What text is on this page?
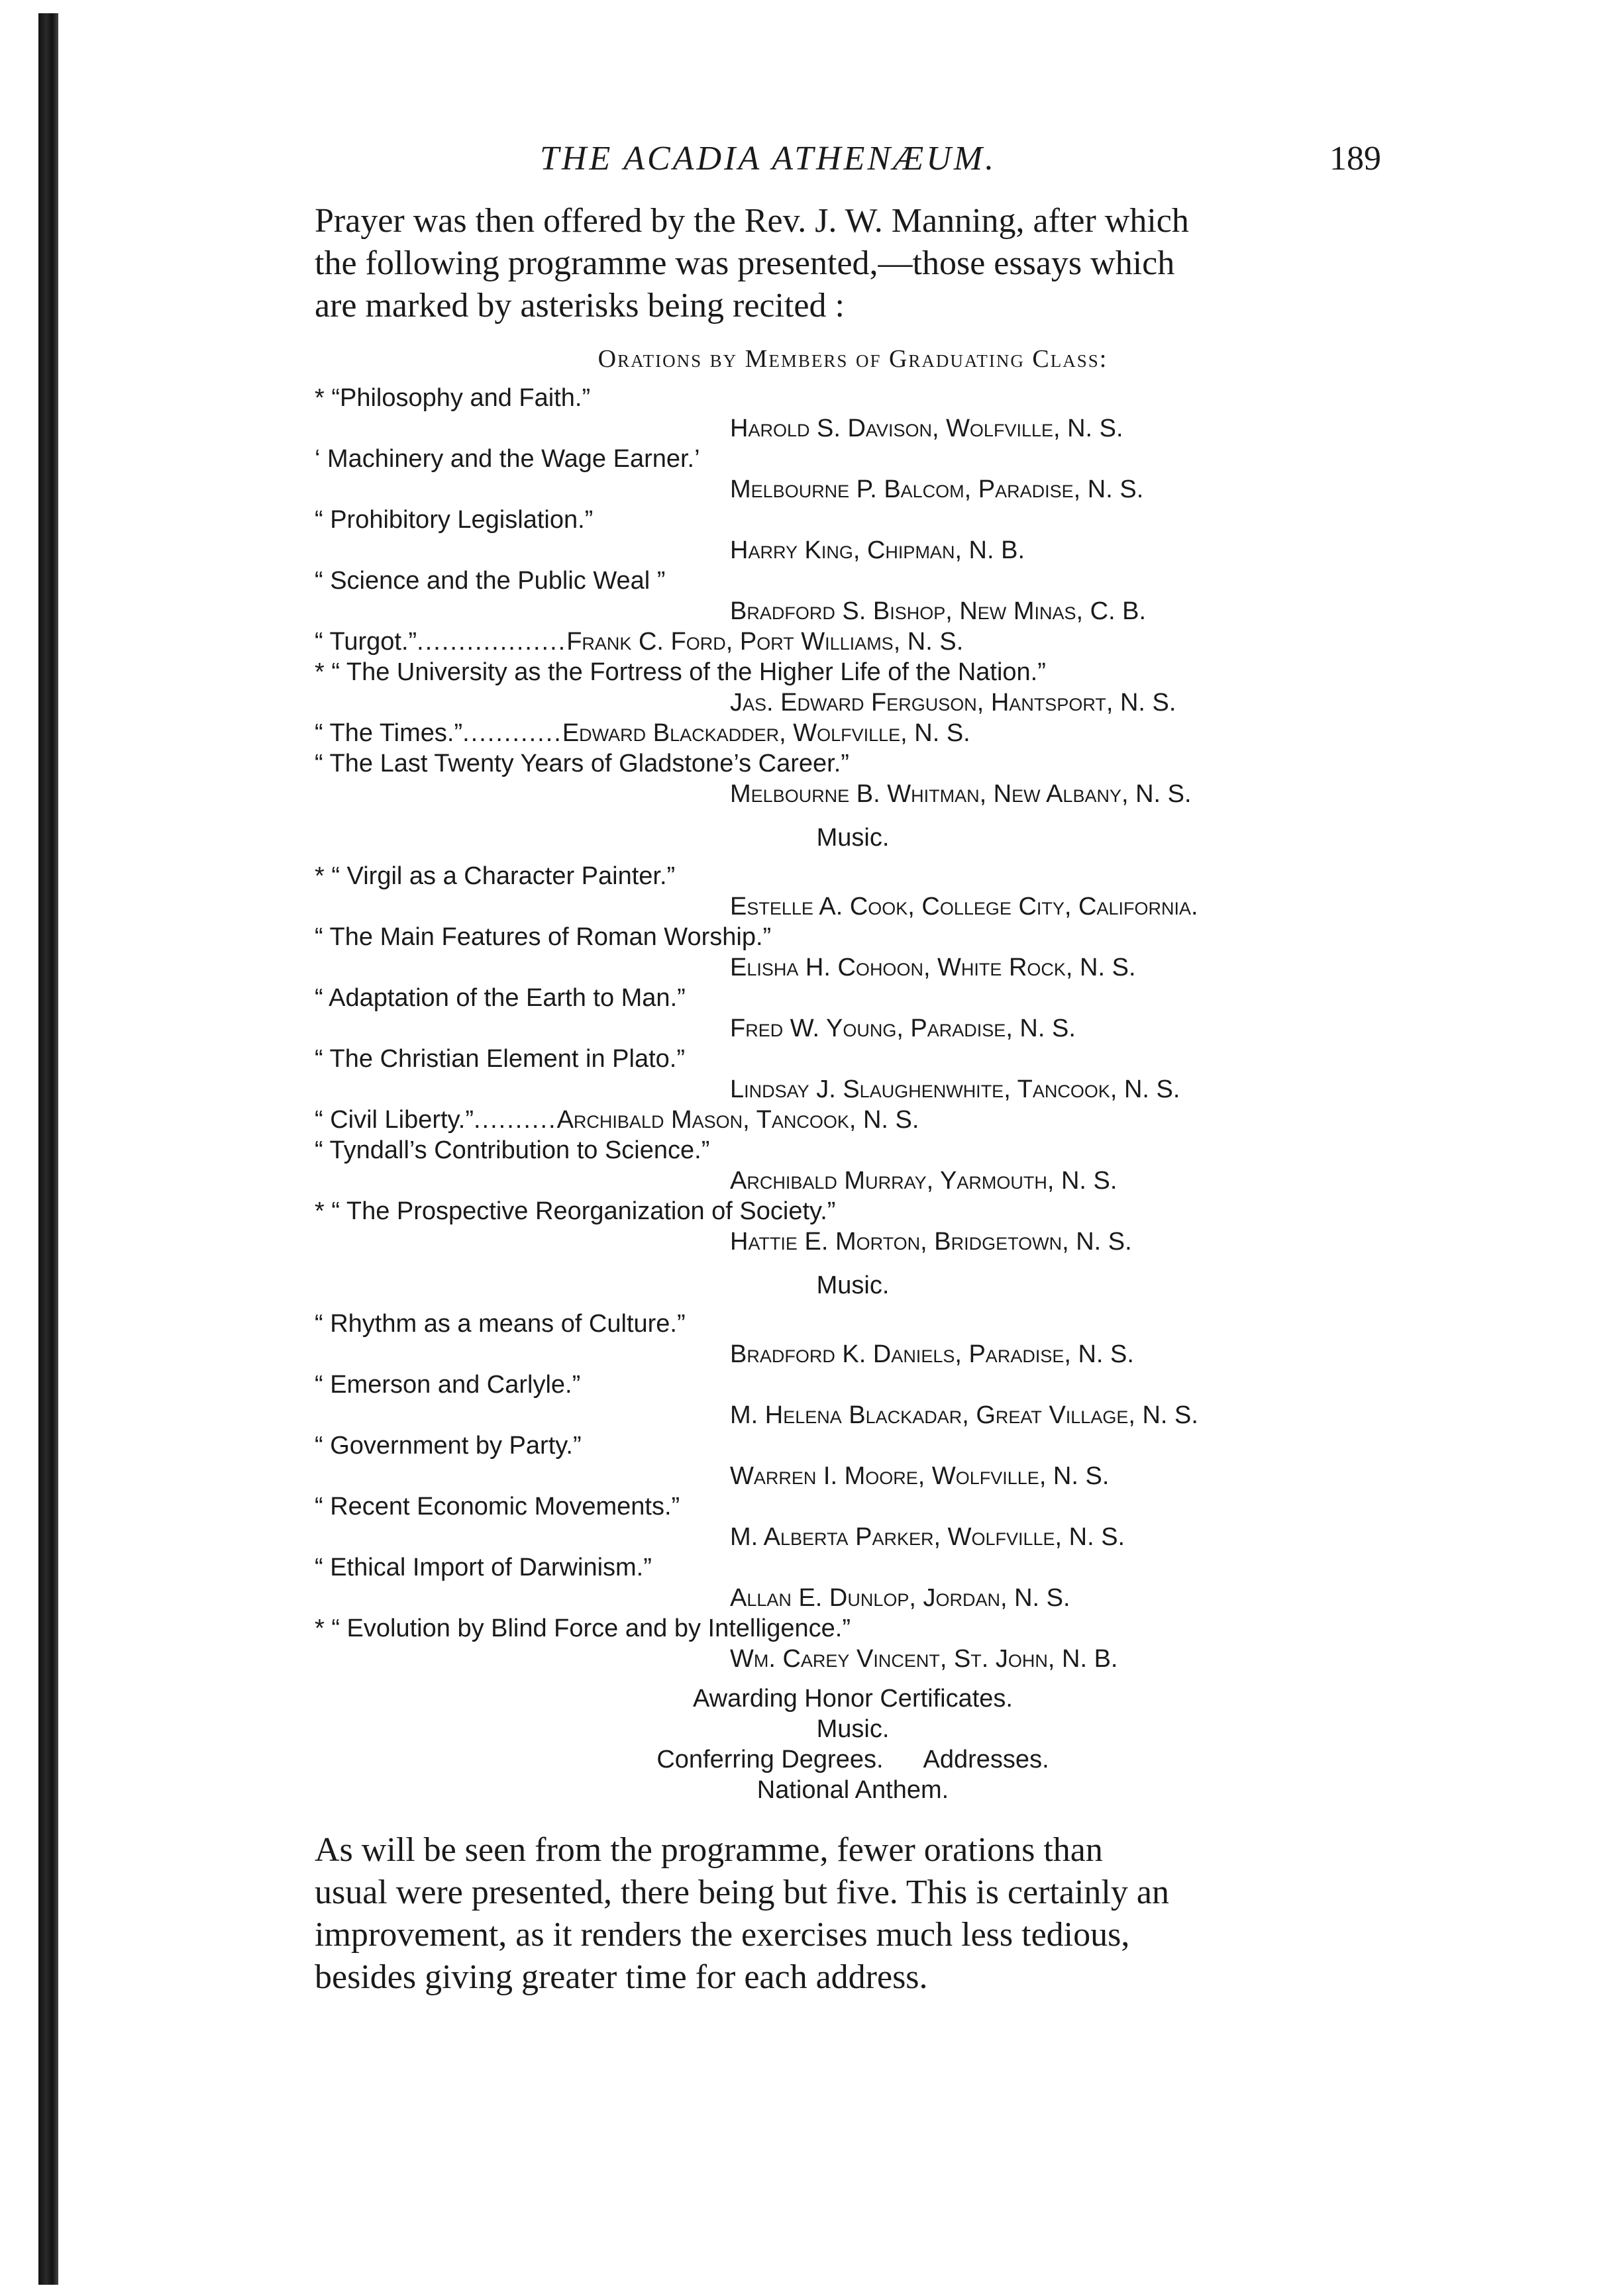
THE ACADIA ATHENÆUM.	189
Prayer was then offered by the Rev. J. W. Manning, after which
the following programme was presented,—those essays which
are marked by asterisks being recited :
Orations by Members of Graduating Class:
* “Philosophy and Faith.”
Harold S. Davison, Wolfville, N. S.
‘ Machinery and the Wage Earner.’
Melbourne P. Balcom, Paradise, N. S.
“ Prohibitory Legislation.”
Harry King, Chipman, N. B.
“ Science and the Public Weal ”
Bradford S. Bishop, New Minas, C. B.
“ Turgot.”..................Frank C. Ford, Port Williams, N. S.
* “ The University as the Fortress of the Higher Life of the Nation.”
Jas. Edward Ferguson, Hantsport, N. S.
“ The Times.”............Edward Blackadder, Wolfville, N. S.
“ The Last Twenty Years of Gladstone’s Career.”
Melbourne B. Whitman, New Albany, N. S.
Music.
* “ Virgil as a Character Painter.”
Estelle A. Cook, College City, California.
“ The Main Features of Roman Worship.”
Elisha H. Cohoon, White Rock, N. S.
“ Adaptation of the Earth to Man.”
Fred W. Young, Paradise, N. S.
“ The Christian Element in Plato.”
Lindsay J. Slaughenwhite, Tancook, N. S.
“ Civil Liberty.”..........Archibald Mason, Tancook, N. S.
“ Tyndall’s Contribution to Science.”
Archibald Murray, Yarmouth, N. S.
* “ The Prospective Reorganization of Society.”
Hattie E. Morton, Bridgetown, N. S.
Music.
“ Rhythm as a means of Culture.”
Bradford K. Daniels, Paradise, N. S.
“ Emerson and Carlyle.”
M. Helena Blackadar, Great Village, N. S.
“ Government by Party.”
Warren I. Moore, Wolfville, N. S.
“ Recent Economic Movements.”
M. Alberta Parker, Wolfville, N. S.
“ Ethical Import of Darwinism.”
Allan E. Dunlop, Jordan, N. S.
* “ Evolution by Blind Force and by Intelligence.”
Wm. Carey Vincent, St. John, N. B.
Awarding Honor Certificates.
Music.
Conferring Degrees. Addresses.
National Anthem.
As will be seen from the programme, fewer orations than
usual were presented, there being but five. This is certainly an
improvement, as it renders the exercises much less tedious,
besides giving greater time for each address.
